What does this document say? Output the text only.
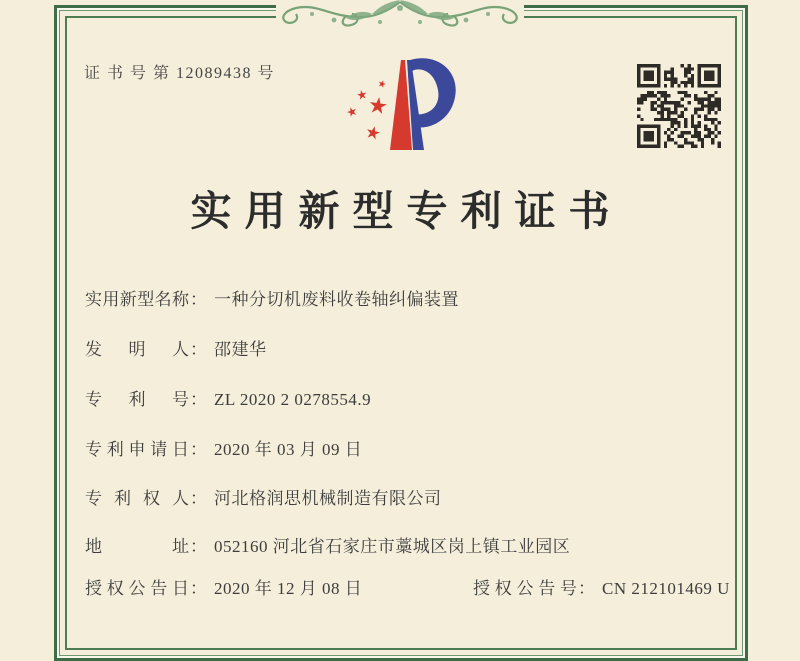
证 书 号 第 12089438 号
实用新型专利证书
实用新型名称： 一种分切机废料收卷轴纠偏装置
发明人： 邵建华
专利号： ZL 2020 2 0278554.9
专利申请日： 2020 年 03 月 09 日
专利权人： 河北格润思机械制造有限公司
地址： 052160 河北省石家庄市藁城区岗上镇工业园区
授权公告日： 2020 年 12 月 08 日	授权公告号： CN 212101469 U
